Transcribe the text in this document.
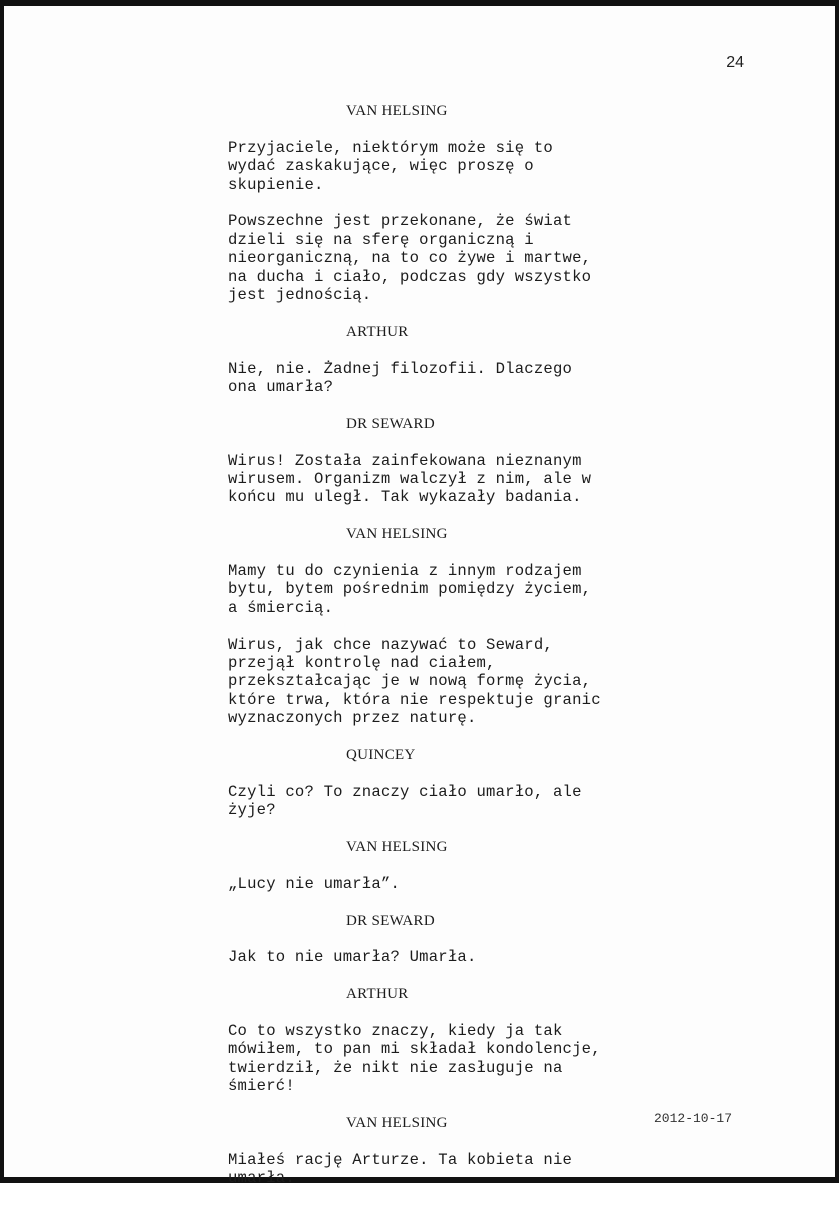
24
VAN HELSING
Przyjaciele, niektórym może się to
wydać zaskakujące, więc proszę o
skupienie.
Powszechne jest przekonane, że świat
dzieli się na sferę organiczną i
nieorganiczną, na to co żywe i martwe,
na ducha i ciało, podczas gdy wszystko
jest jednością.
ARTHUR
Nie, nie. Żadnej filozofii. Dlaczego
ona umarła?
DR SEWARD
Wirus! Została zainfekowana nieznanym
wirusem. Organizm walczył z nim, ale w
końcu mu uległ. Tak wykazały badania.
VAN HELSING
Mamy tu do czynienia z innym rodzajem
bytu, bytem pośrednim pomiędzy życiem,
a śmiercią.
Wirus, jak chce nazywać to Seward,
przejął kontrolę nad ciałem,
przekształcając je w nową formę życia,
które trwa, która nie respektuje granic
wyznaczonych przez naturę.
QUINCEY
Czyli co? To znaczy ciało umarło, ale
żyje?
VAN HELSING
„Lucy nie umarła”.
DR SEWARD
Jak to nie umarła? Umarła.
ARTHUR
Co to wszystko znaczy, kiedy ja tak
mówiłem, to pan mi składał kondolencje,
twierdził, że nikt nie zasługuje na
śmierć!
VAN HELSING
Miałeś rację Arturze. Ta kobieta nie
umarła.
2012-10-17
